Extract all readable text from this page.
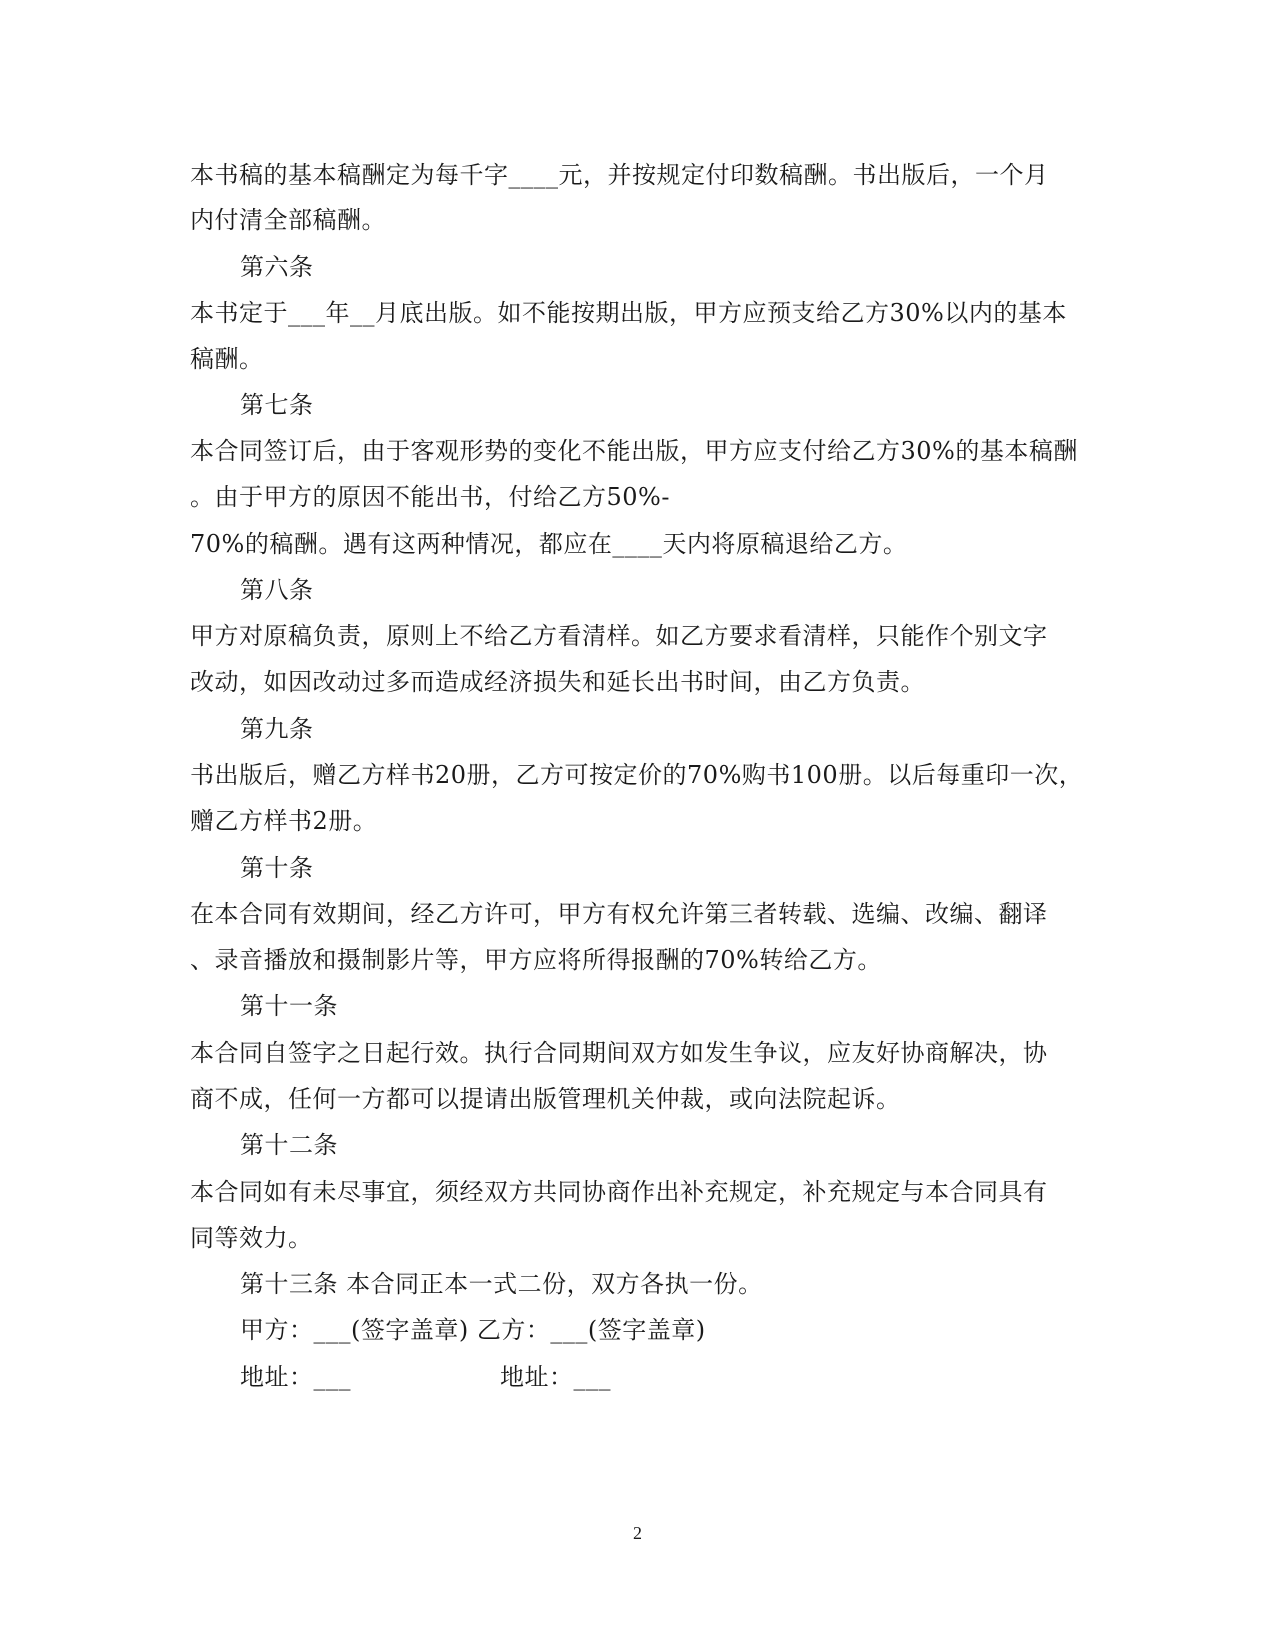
本书稿的基本稿酬定为每千字____元，并按规定付印数稿酬。书出版后，一个月
内付清全部稿酬。
第六条
本书定于___年__月底出版。如不能按期出版，甲方应预支给乙方30%以内的基本
稿酬。
第七条
本合同签订后，由于客观形势的变化不能出版，甲方应支付给乙方30%的基本稿酬
。由于甲方的原因不能出书，付给乙方50%-
70%的稿酬。遇有这两种情况，都应在____天内将原稿退给乙方。
第八条
甲方对原稿负责，原则上不给乙方看清样。如乙方要求看清样，只能作个别文字
改动，如因改动过多而造成经济损失和延长出书时间，由乙方负责。
第九条
书出版后，赠乙方样书20册，乙方可按定价的70%购书100册。以后每重印一次，
赠乙方样书2册。
第十条
在本合同有效期间，经乙方许可，甲方有权允许第三者转载、选编、改编、翻译
、录音播放和摄制影片等，甲方应将所得报酬的70%转给乙方。
第十一条
本合同自签字之日起行效。执行合同期间双方如发生争议，应友好协商解决，协
商不成，任何一方都可以提请出版管理机关仲裁，或向法院起诉。
第十二条
本合同如有未尽事宜，须经双方共同协商作出补充规定，补充规定与本合同具有
同等效力。
第十三条 本合同正本一式二份，双方各执一份。
甲方：___(签字盖章) 乙方：___(签字盖章)
地址：___	地址：___
2
